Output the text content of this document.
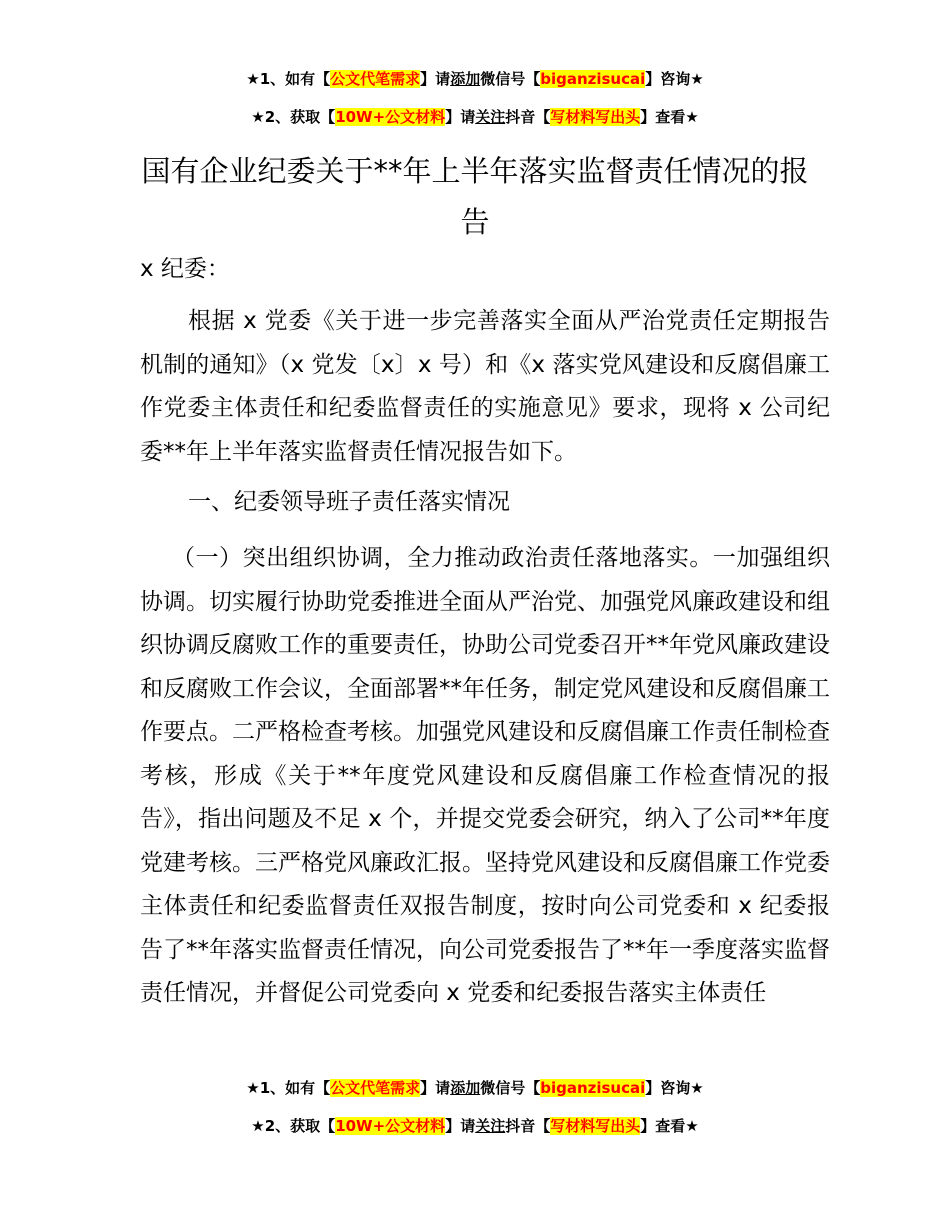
★1、如有【公文代笔需求】请添加微信号【biganzisucai】咨询★
★2、获取【10W+公文材料】请关注抖音【写材料写出头】查看★
国有企业纪委关于**年上半年落实监督责任情况的报告
x 纪委：
根据 x 党委《关于进一步完善落实全面从严治党责任定期报告机制的通知》（x 党发〔x〕x 号）和《x 落实党风建设和反腐倡廉工作党委主体责任和纪委监督责任的实施意见》要求，现将 x 公司纪委**年上半年落实监督责任情况报告如下。
一、纪委领导班子责任落实情况
（一）突出组织协调，全力推动政治责任落地落实。一加强组织协调。切实履行协助党委推进全面从严治党、加强党风廉政建设和组织协调反腐败工作的重要责任，协助公司党委召开**年党风廉政建设和反腐败工作会议，全面部署**年任务，制定党风建设和反腐倡廉工作要点。二严格检查考核。加强党风建设和反腐倡廉工作责任制检查考核，形成《关于**年度党风建设和反腐倡廉工作检查情况的报告》，指出问题及不足 x 个，并提交党委会研究，纳入了公司**年度党建考核。三严格党风廉政汇报。坚持党风建设和反腐倡廉工作党委主体责任和纪委监督责任双报告制度，按时向公司党委和 x 纪委报告了**年落实监督责任情况，向公司党委报告了**年一季度落实监督责任情况，并督促公司党委向 x 党委和纪委报告落实主体责任
★1、如有【公文代笔需求】请添加微信号【biganzisucai】咨询★
★2、获取【10W+公文材料】请关注抖音【写材料写出头】查看★
